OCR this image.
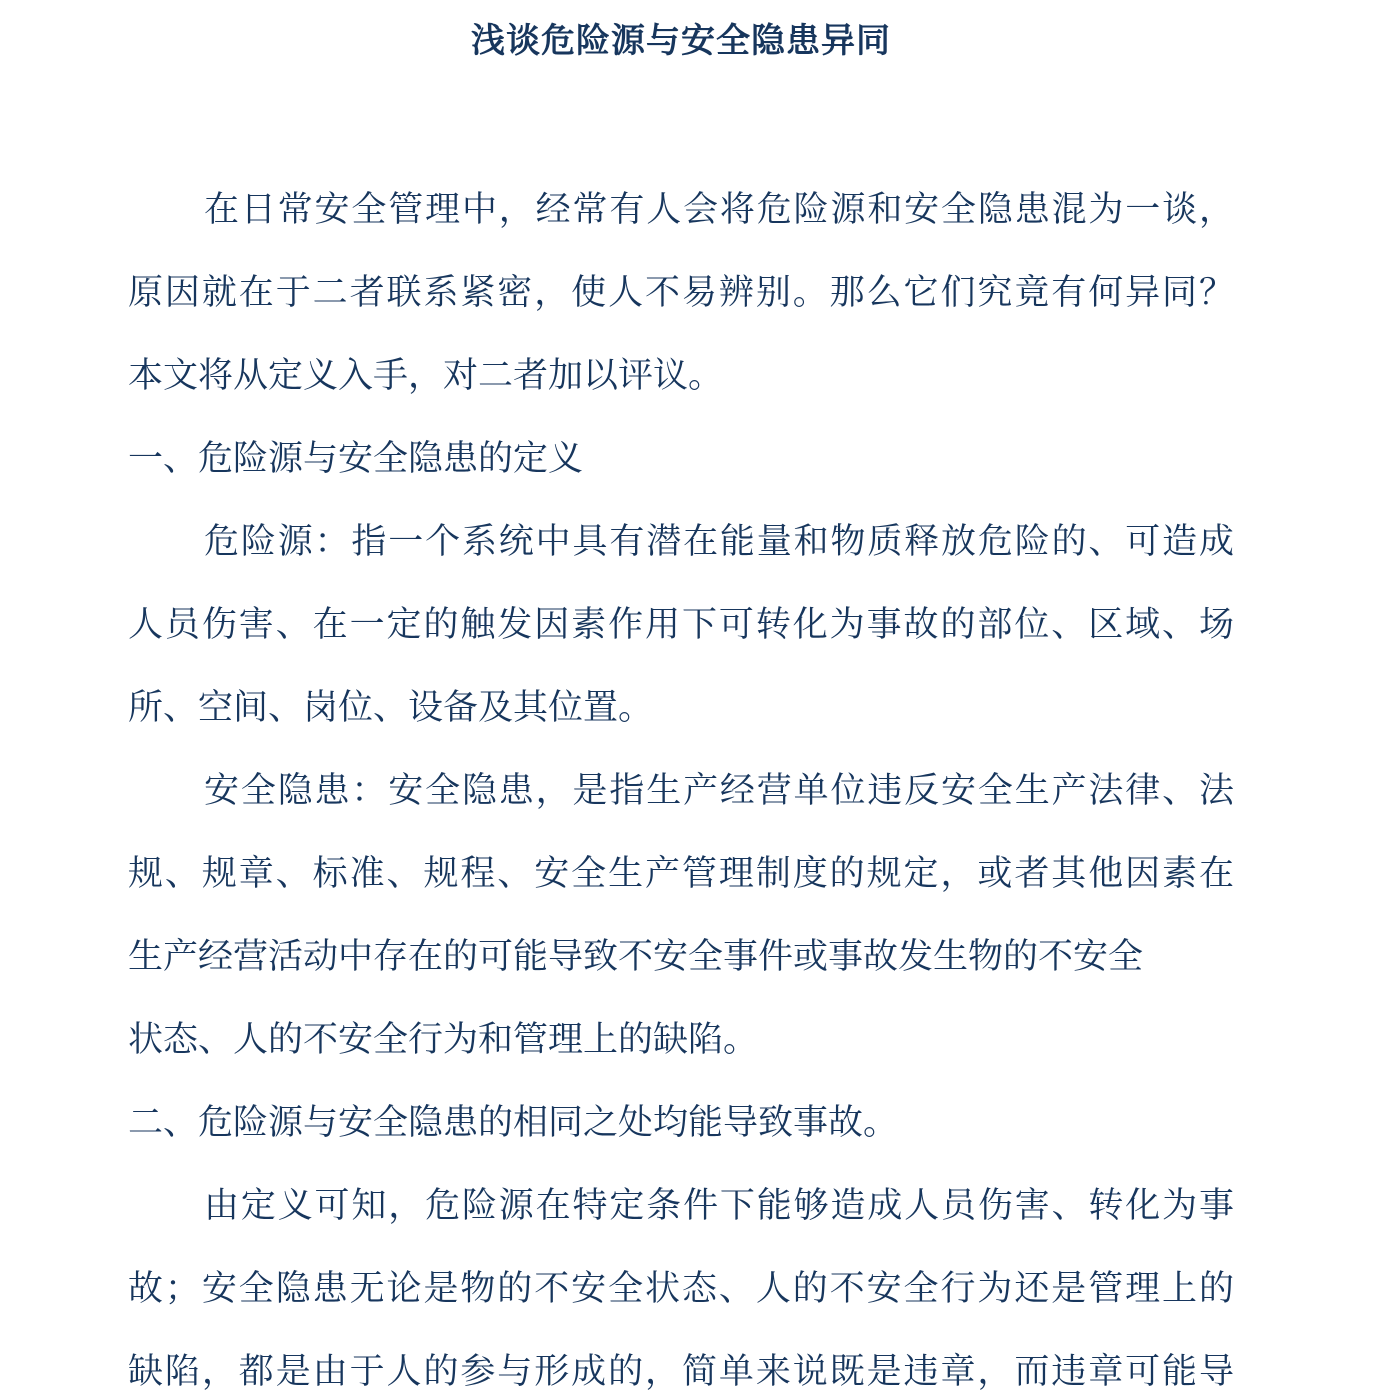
浅谈危险源与安全隐患异同
在日常安全管理中，经常有人会将危险源和安全隐患混为一谈，
原因就在于二者联系紧密，使人不易辨别。那么它们究竟有何异同？
本文将从定义入手，对二者加以评议。
一、危险源与安全隐患的定义
危险源：指一个系统中具有潜在能量和物质释放危险的、可造成
人员伤害、在一定的触发因素作用下可转化为事故的部位、区域、场
所、空间、岗位、设备及其位置。
安全隐患：安全隐患，是指生产经营单位违反安全生产法律、法
规、规章、标准、规程、安全生产管理制度的规定，或者其他因素在
生产经营活动中存在的可能导致不安全事件或事故发生物的不安全
状态、人的不安全行为和管理上的缺陷。
二、危险源与安全隐患的相同之处均能导致事故。
由定义可知，危险源在特定条件下能够造成人员伤害、转化为事
故；安全隐患无论是物的不安全状态、人的不安全行为还是管理上的
缺陷，都是由于人的参与形成的，简单来说既是违章，而违章可能导
